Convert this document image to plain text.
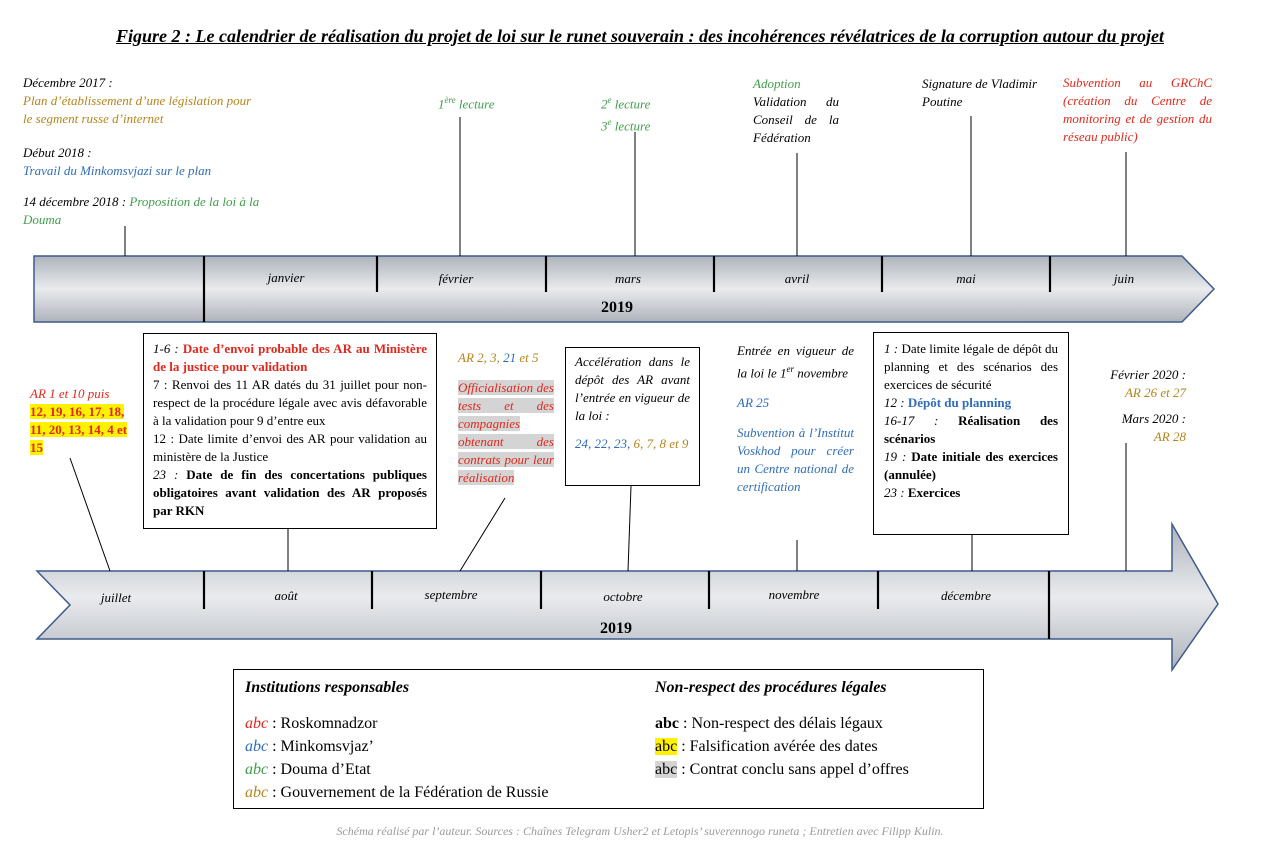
Figure 2 : Le calendrier de réalisation du projet de loi sur le runet souverain : des incohérences révélatrices de la corruption autour du projet
janvier	février	mars	avril	mai	juin
2019
juillet	août	septembre	octobre	novembre	décembre
2019
Décembre 2017 :
Plan d’établissement d’une législation pour le segment russe d’internet
Début 2018 :
Travail du Minkomsvjazi sur le plan
14 décembre 2018 : Proposition de la loi à la Douma
1ère lecture	2e lecture
3e lecture
Adoption
Validation du Conseil de la Fédération
Signature de Vladimir Poutine
Subvention au GRChC (création du Centre de monitoring et de gestion du réseau public)
AR 1 et 10 puis
12, 19, 16, 17, 18, 11, 20, 13, 14, 4 et 15
1-6 : Date d’envoi probable des AR au Ministère de la justice pour validation
7 : Renvoi des 11 AR datés du 31 juillet pour non-respect de la procédure légale avec avis défavorable à la validation pour 9 d’entre eux
12 : Date limite d’envoi des AR pour validation au ministère de la Justice
23 : Date de fin des concertations publiques obligatoires avant validation des AR proposés par RKN
AR 2, 3, 21 et 5
Officialisation des tests et des compagnies obtenant des contrats pour leur réalisation
Accélération dans le dépôt des AR avant l’entrée en vigueur de la loi :
24, 22, 23, 6, 7, 8 et 9
Entrée en vigueur de la loi le 1er novembre
AR 25
Subvention à l’Institut Voskhod pour créer un Centre national de certification
1 : Date limite légale de dépôt du planning et des scénarios des exercices de sécurité
12 : Dépôt du planning
16-17 : Réalisation des scénarios
19 : Date initiale des exercices (annulée)
23 : Exercices
Février 2020 :
AR 26 et 27
Mars 2020 :
AR 28
Institutions responsables
abc : Roskomnadzor
abc : Minkomsvjaz’
abc : Douma d’Etat
abc : Gouvernement de la Fédération de Russie
Non-respect des procédures légales
abc : Non-respect des délais légaux
abc : Falsification avérée des dates
abc : Contrat conclu sans appel d’offres
Schéma réalisé par l’auteur. Sources : Chaînes Telegram Usher2 et Letopis’ suverennogo runeta ; Entretien avec Filipp Kulin.
